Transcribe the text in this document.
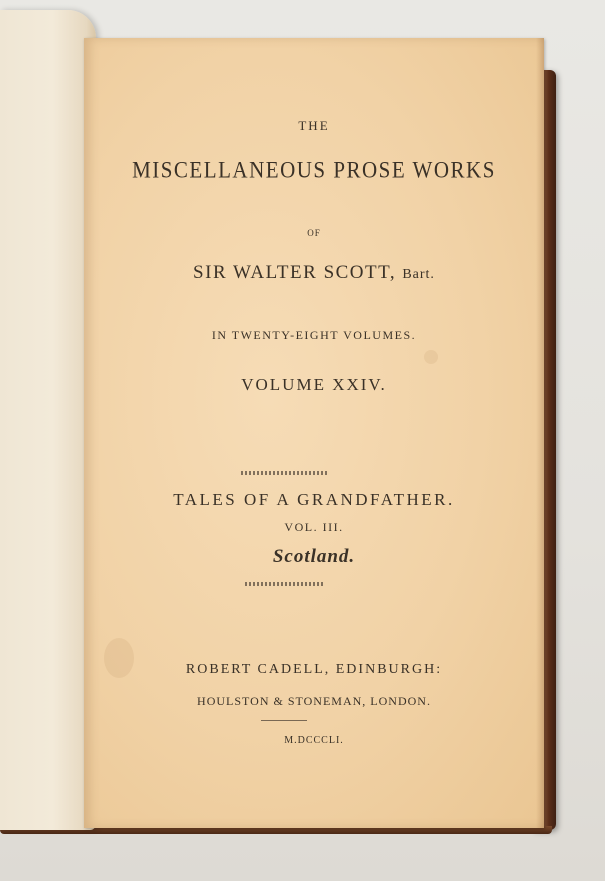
THE
MISCELLANEOUS PROSE WORKS
OF
SIR WALTER SCOTT, Bart.
IN TWENTY-EIGHT VOLUMES.
VOLUME XXIV.
TALES OF A GRANDFATHER.
VOL. III.
Scotland.
ROBERT CADELL, EDINBURGH:
HOULSTON & STONEMAN, LONDON.
M.DCCCLI.
